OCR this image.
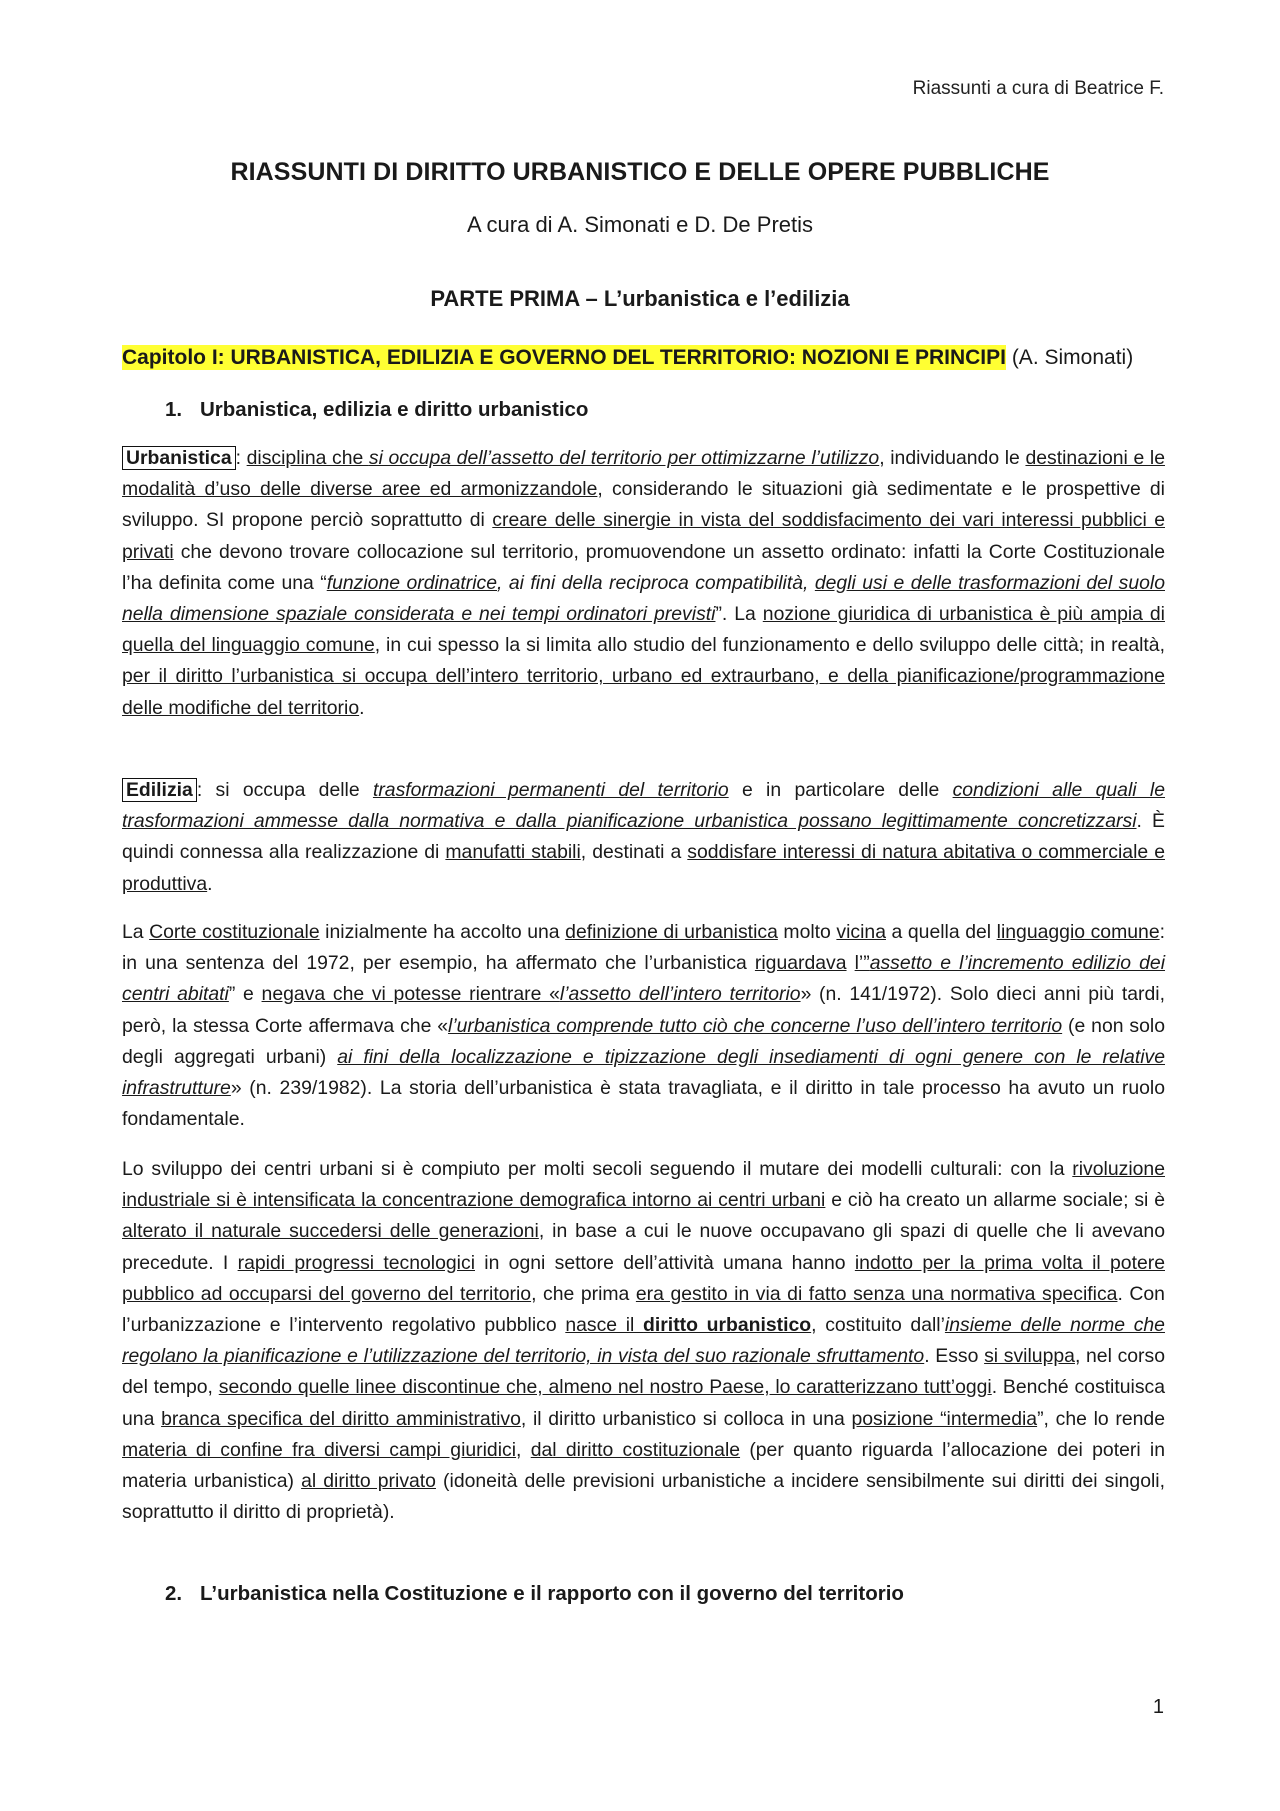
Riassunti a cura di Beatrice F.
RIASSUNTI DI DIRITTO URBANISTICO E DELLE OPERE PUBBLICHE
A cura di A. Simonati e D. De Pretis
PARTE PRIMA – L’urbanistica e l’edilizia
Capitolo I: URBANISTICA, EDILIZIA E GOVERNO DEL TERRITORIO: NOZIONI E PRINCIPI (A. Simonati)
1. Urbanistica, edilizia e diritto urbanistico

Urbanistica : disciplina che si occupa dell’assetto del territorio per ottimizzarne l’utilizzo, individuando le destinazioni e le modalità d’uso delle diverse aree ed armonizzandole, considerando le situazioni già sedimentate e le prospettive di sviluppo. SI propone perciò soprattutto di creare delle sinergie in vista del soddisfacimento dei vari interessi pubblici e privati che devono trovare collocazione sul territorio, promuovendone un assetto ordinato: infatti la Corte Costituzionale l’ha definita come una “funzione ordinatrice, ai fini della reciproca compatibilità, degli usi e delle trasformazioni del suolo nella dimensione spaziale considerata e nei tempi ordinatori previsti”. La nozione giuridica di urbanistica è più ampia di quella del linguaggio comune, in cui spesso la si limita allo studio del funzionamento e dello sviluppo delle città; in realtà, per il diritto l’urbanistica si occupa dell’intero territorio, urbano ed extraurbano, e della pianificazione/programmazione delle modifiche del territorio.

Edilizia : si occupa delle trasformazioni permanenti del territorio e in particolare delle condizioni alle quali le trasformazioni ammesse dalla normativa e dalla pianificazione urbanistica possano legittimamente concretizzarsi. È quindi connessa alla realizzazione di manufatti stabili, destinati a soddisfare interessi di natura abitativa o commerciale e produttiva.

La Corte costituzionale inizialmente ha accolto una definizione di urbanistica molto vicina a quella del linguaggio comune: in una sentenza del 1972, per esempio, ha affermato che l’urbanistica riguardava l’”assetto e l’incremento edilizio dei centri abitati” e negava che vi potesse rientrare «l’assetto dell’intero territorio» (n. 141/1972). Solo dieci anni più tardi, però, la stessa Corte affermava che «l’urbanistica comprende tutto ciò che concerne l’uso dell’intero territorio (e non solo degli aggregati urbani) ai fini della localizzazione e tipizzazione degli insediamenti di ogni genere con le relative infrastrutture» (n. 239/1982). La storia dell’urbanistica è stata travagliata, e il diritto in tale processo ha avuto un ruolo fondamentale.

Lo sviluppo dei centri urbani si è compiuto per molti secoli seguendo il mutare dei modelli culturali: con la rivoluzione industriale si è intensificata la concentrazione demografica intorno ai centri urbani e ciò ha creato un allarme sociale; si è alterato il naturale succedersi delle generazioni, in base a cui le nuove occupavano gli spazi di quelle che li avevano precedute. I rapidi progressi tecnologici in ogni settore dell’attività umana hanno indotto per la prima volta il potere pubblico ad occuparsi del governo del territorio, che prima era gestito in via di fatto senza una normativa specifica. Con l’urbanizzazione e l’intervento regolativo pubblico nasce il diritto urbanistico, costituito dall’insieme delle norme che regolano la pianificazione e l’utilizzazione del territorio, in vista del suo razionale sfruttamento. Esso si sviluppa, nel corso del tempo, secondo quelle linee discontinue che, almeno nel nostro Paese, lo caratterizzano tutt’oggi. Benché costituisca una branca specifica del diritto amministrativo, il diritto urbanistico si colloca in una posizione “intermedia”, che lo rende materia di confine fra diversi campi giuridici, dal diritto costituzionale (per quanto riguarda l’allocazione dei poteri in materia urbanistica) al diritto privato (idoneità delle previsioni urbanistiche a incidere sensibilmente sui diritti dei singoli, soprattutto il diritto di proprietà).

2. L’urbanistica nella Costituzione e il rapporto con il governo del territorio
1
